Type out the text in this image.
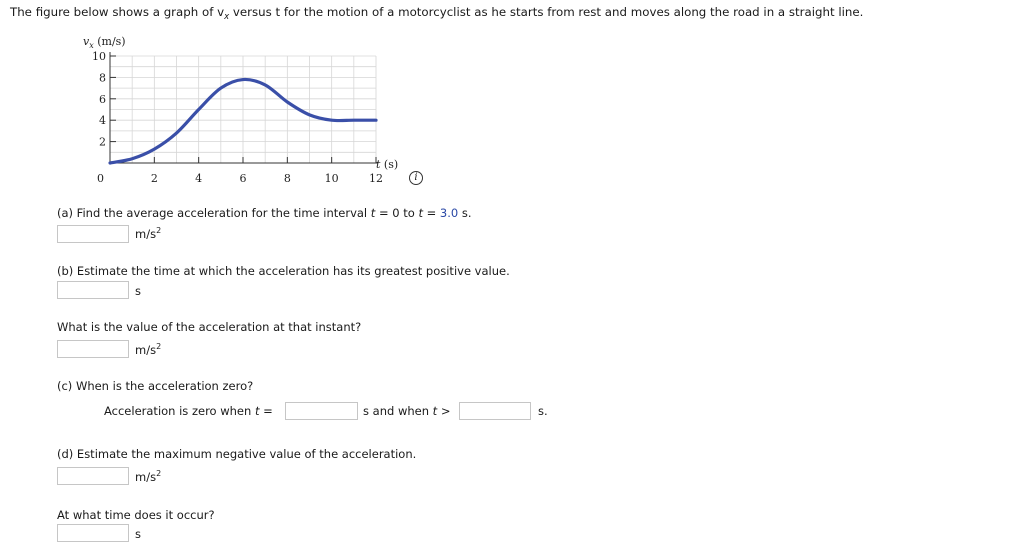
The figure below shows a graph of $v_x$ versus t for the motion of a motorcyclist as he starts from rest and moves along the road in a straight line.
$v_x$ (m/s)
t (s)
0
10
8
6
4
2
2	4	6	8	10	12	i
(a) Find the average acceleration for the time interval t = 0 to t = 3.0 s.
$m/s^2$
(b) Estimate the time at which the acceleration has its greatest positive value.
s
What is the value of the acceleration at that instant?
$m/s^2$
(c) When is the acceleration zero?
Acceleration is zero when t =	s and when t >	s.
(d) Estimate the maximum negative value of the acceleration.
$m/s^2$
At what time does it occur?
s
